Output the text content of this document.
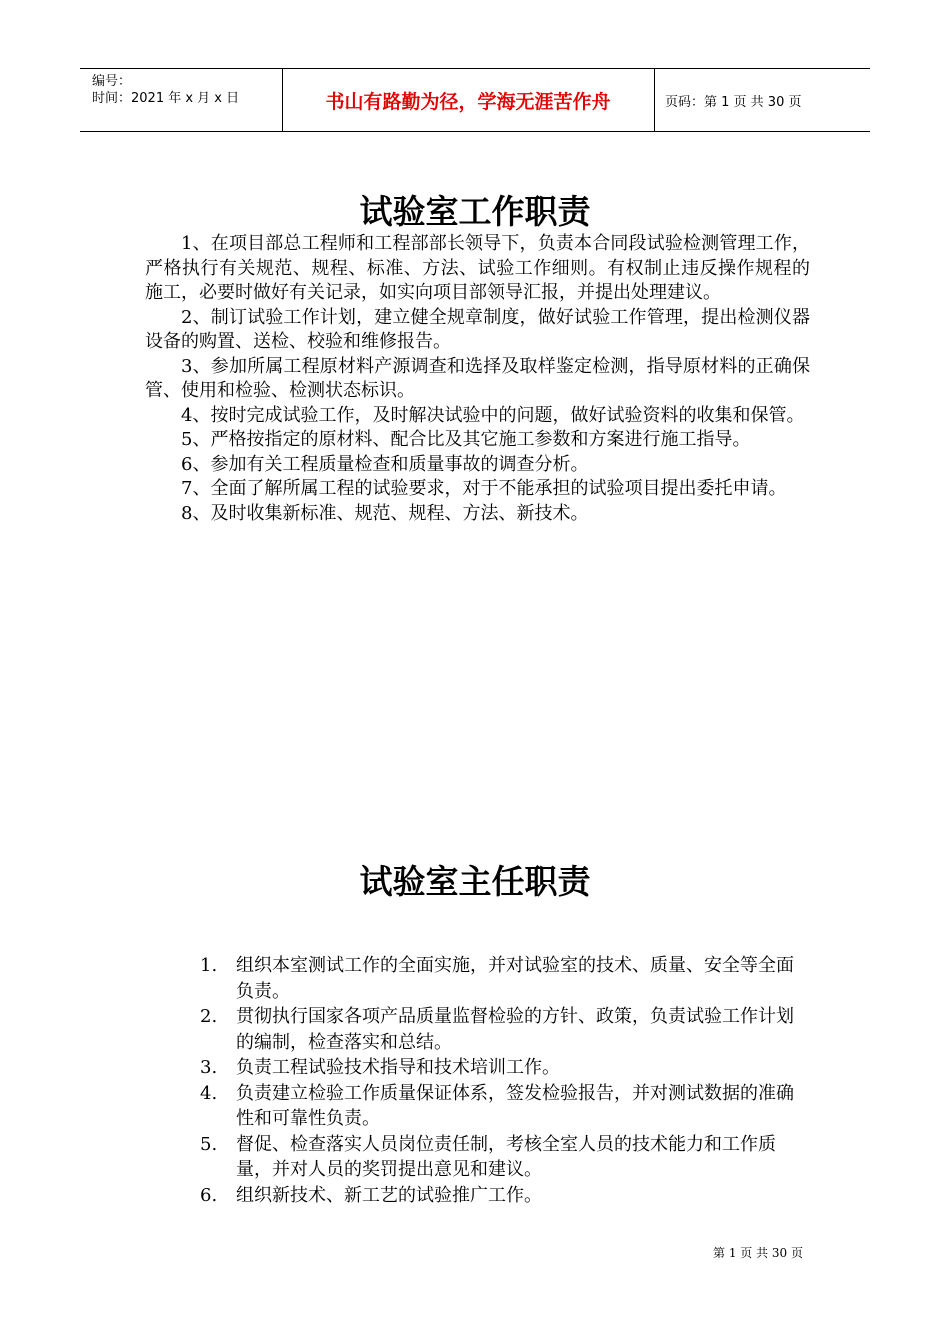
编号：
时间：2021 年 x 月 x 日	书山有路勤为径，学海无涯苦作舟	页码：第 1 页 共 30 页
试验室工作职责

1、在项目部总工程师和工程部部长领导下，负责本合同段试验检测管理工作，严格执行有关规范、规程、标准、方法、试验工作细则。有权制止违反操作规程的施工，必要时做好有关记录，如实向项目部领导汇报，并提出处理建议。

2、制订试验工作计划，建立健全规章制度，做好试验工作管理，提出检测仪器设备的购置、送检、校验和维修报告。

3、参加所属工程原材料产源调查和选择及取样鉴定检测，指导原材料的正确保管、使用和检验、检测状态标识。

4、按时完成试验工作，及时解决试验中的问题，做好试验资料的收集和保管。

5、严格按指定的原材料、配合比及其它施工参数和方案进行施工指导。

6、参加有关工程质量检查和质量事故的调查分析。

7、全面了解所属工程的试验要求，对于不能承担的试验项目提出委托申请。

8、及时收集新标准、规范、规程、方法、新技术。

试验室主任职责
1. 组织本室测试工作的全面实施，并对试验室的技术、质量、安全等全面负责。
2. 贯彻执行国家各项产品质量监督检验的方针、政策，负责试验工作计划的编制，检查落实和总结。
3. 负责工程试验技术指导和技术培训工作。
4. 负责建立检验工作质量保证体系，签发检验报告，并对测试数据的准确性和可靠性负责。
5. 督促、检查落实人员岗位责任制，考核全室人员的技术能力和工作质量，并对人员的奖罚提出意见和建议。
6. 组织新技术、新工艺的试验推广工作。
第 1 页 共 30 页
